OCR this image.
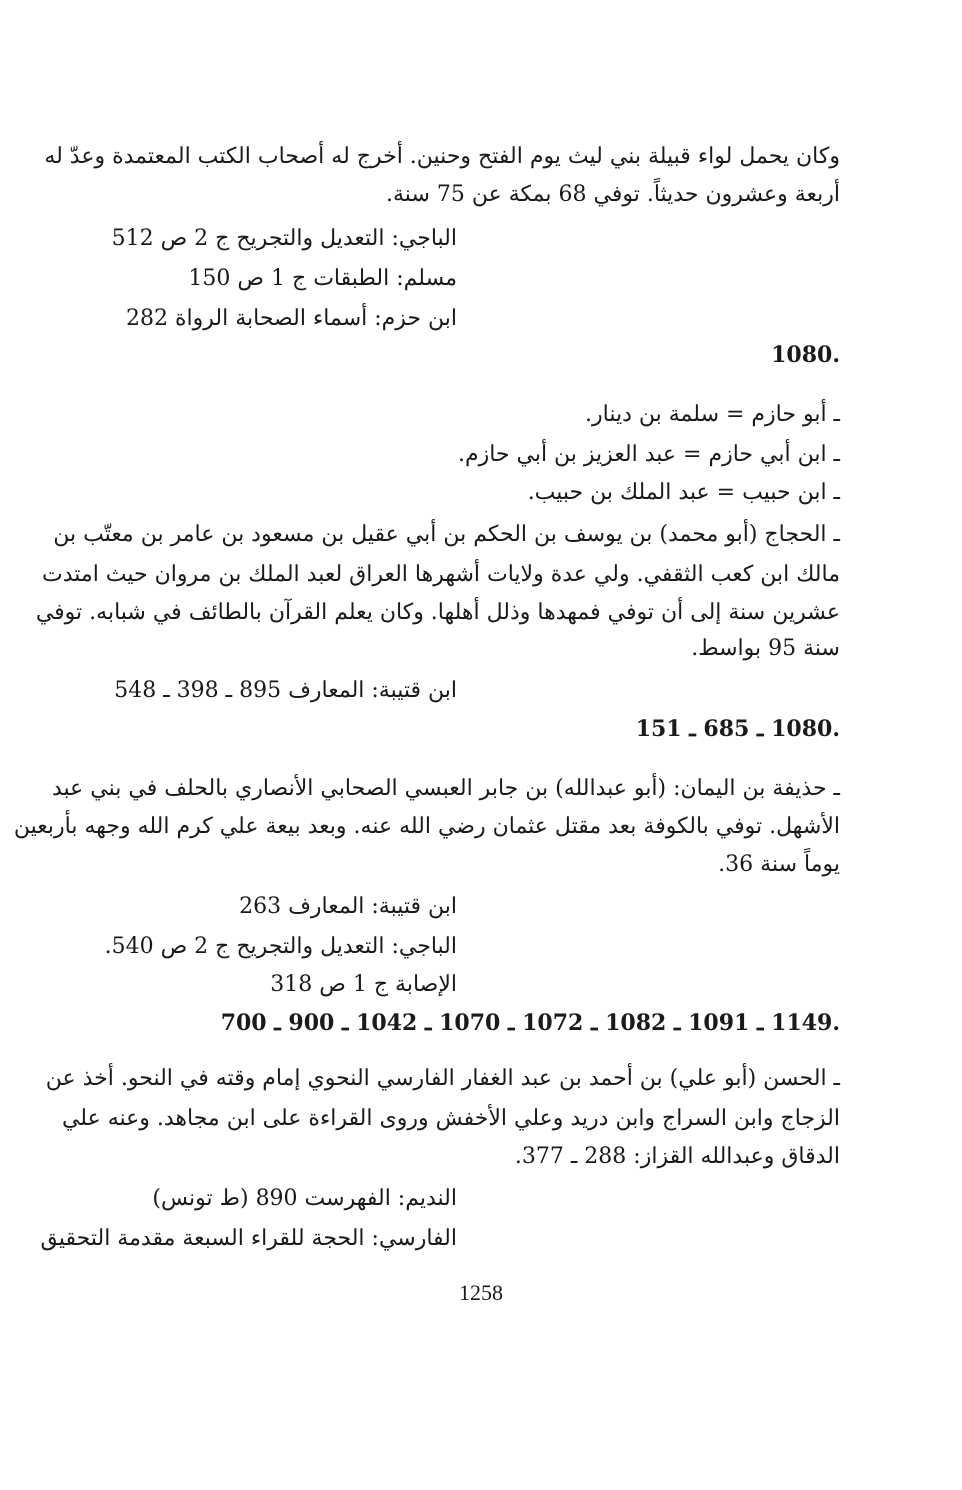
وكان يحمل لواء قبيلة بني ليث يوم الفتح وحنين. أخرج له أصحاب الكتب المعتمدة وعدّ له
أربعة وعشرون حديثاً. توفي 68 بمكة عن 75 سنة.
الباجي: التعديل والتجريح ج 2 ص 512
مسلم: الطبقات ج 1 ص 150
ابن حزم: أسماء الصحابة الرواة 282
.1080
ـ أبو حازم = سلمة بن دينار.
ـ ابن أبي حازم = عبد العزيز بن أبي حازم.
ـ ابن حبيب = عبد الملك بن حبيب.
ـ الحجاج (أبو محمد) بن يوسف بن الحكم بن أبي عقيل بن مسعود بن عامر بن معتّب بن
مالك ابن كعب الثقفي. ولي عدة ولايات أشهرها العراق لعبد الملك بن مروان حيث امتدت
عشرين سنة إلى أن توفي فمهدها وذلل أهلها. وكان يعلم القرآن بالطائف في شبابه. توفي
سنة 95 بواسط.
ابن قتيبة: المعارف 895 ـ 398 ـ 548
.1080 ـ 685 ـ 151
ـ حذيفة بن اليمان: (أبو عبدالله) بن جابر العبسي الصحابي الأنصاري بالحلف في بني عبد
الأشهل. توفي بالكوفة بعد مقتل عثمان رضي الله عنه. وبعد بيعة علي كرم الله وجهه بأربعين
يوماً سنة 36.
ابن قتيبة: المعارف 263
الباجي: التعديل والتجريح ج 2 ص 540.
الإصابة ج 1 ص 318
.1149 ـ 1091 ـ 1082 ـ 1072 ـ 1070 ـ 1042 ـ 900 ـ 700
ـ الحسن (أبو علي) بن أحمد بن عبد الغفار الفارسي النحوي إمام وقته في النحو. أخذ عن
الزجاج وابن السراج وابن دريد وعلي الأخفش وروى القراءة على ابن مجاهد. وعنه علي
الدقاق وعبدالله القزاز: 288 ـ 377.
النديم: الفهرست 890 (ط تونس)
الفارسي: الحجة للقراء السبعة مقدمة التحقيق
1258
